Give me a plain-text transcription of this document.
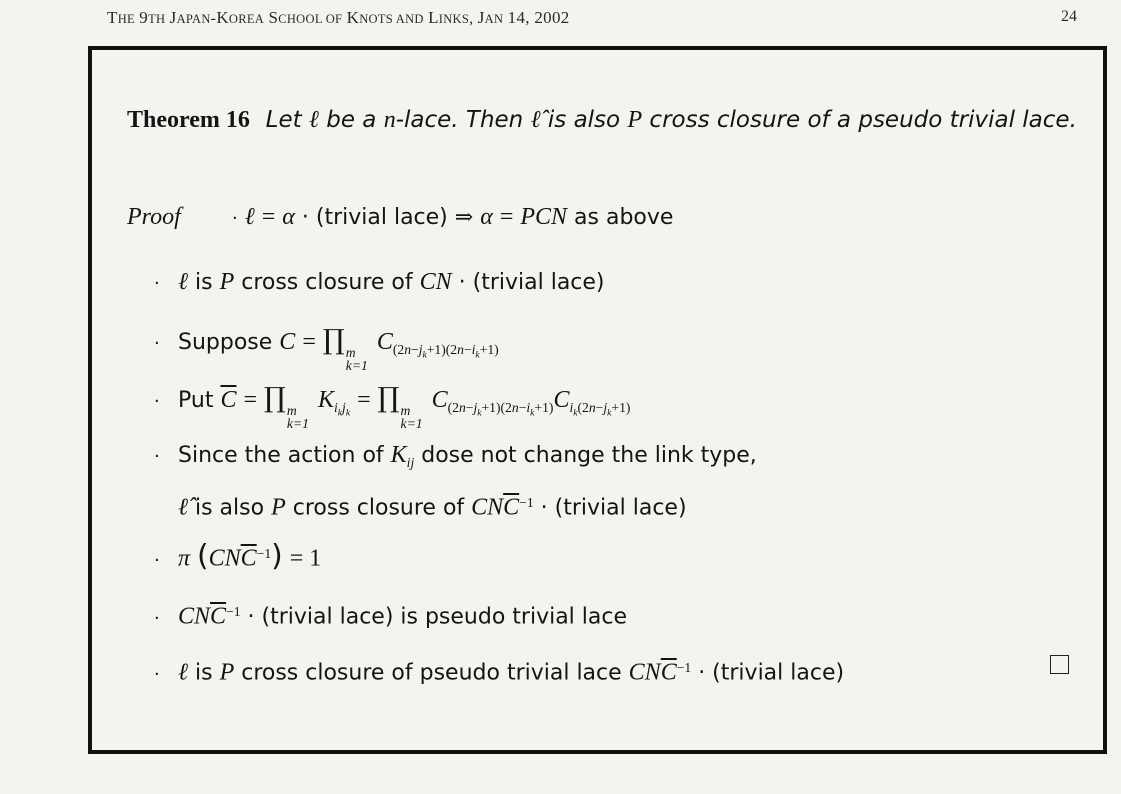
THE 9TH JAPAN-KOREA SCHOOL OF KNOTS AND LINKS, JAN 14, 2002	24
Theorem 16 Let ℓ be a n-lace. Then ℓ̂ is also P cross closure of a pseudo trivial lace.
Proof	· ℓ = α · (trivial lace) ⇒ α = PCN as above
· ℓ is P cross closure of CN · (trivial lace)
· Suppose C = ∏ m
k=1
$C_{(2n-j_k+1)(2n-i_k+1)}$
· Put $\overline{C}$ = ∏ m
k=1
$K_{i_kj_k}$ = ∏ m
k=1
$C_{(2n-j_k+1)(2n-i_k+1)}C_{i_k(2n-j_k+1)}$
· Since the action of $K_{ij}$ dose not change the link type,
ℓ̂ is also P cross closure of $CN\overline{C}^{-1}$ · (trivial lace)
· π $(CN\overline{C}^{-1}) = 1$
· $CN\overline{C}^{-1}$ · (trivial lace) is pseudo trivial lace
· ℓ is P cross closure of pseudo trivial lace $CN\overline{C}^{-1}$ · (trivial lace)
